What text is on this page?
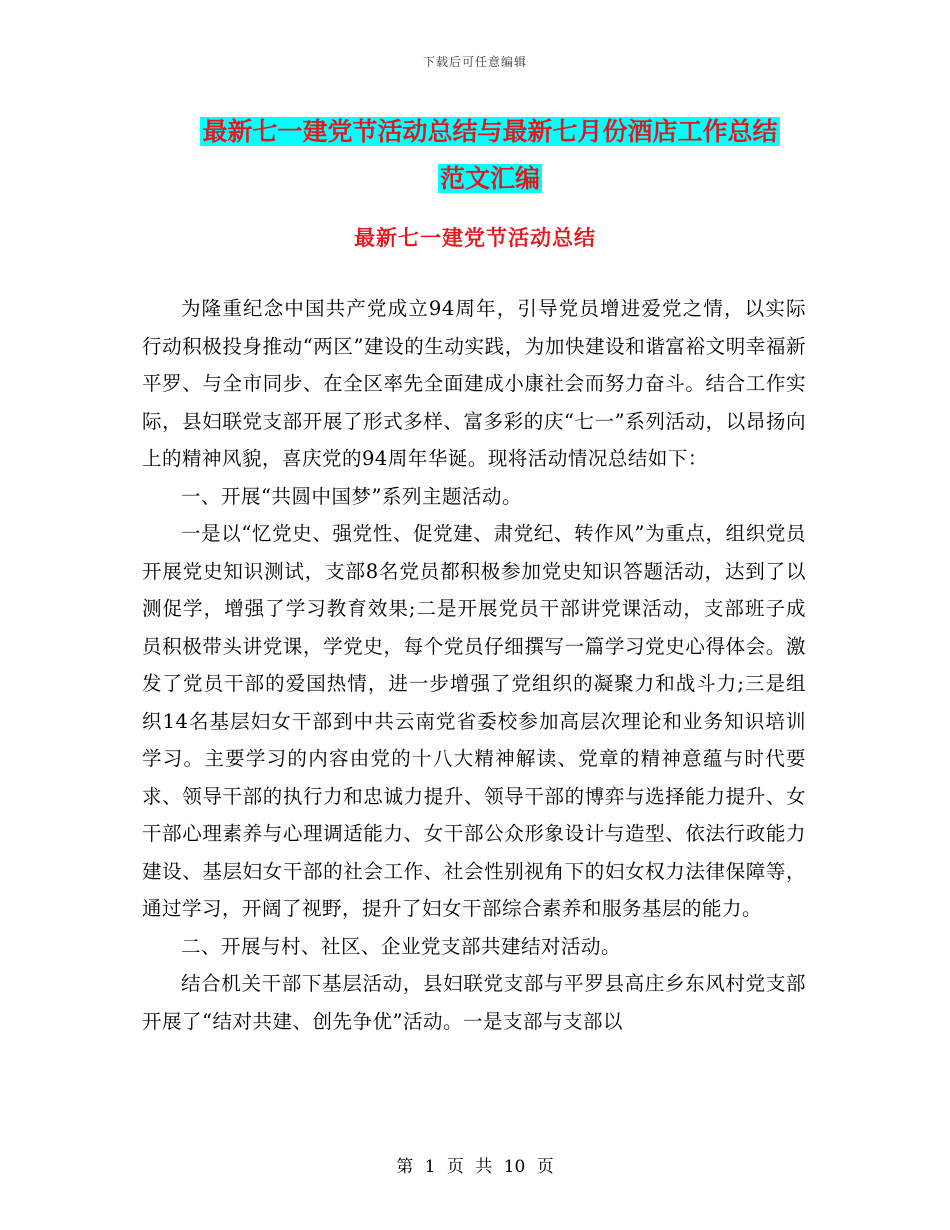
下载后可任意编辑
最新七一建党节活动总结与最新七月份酒店工作总结
范文汇编
最新七一建党节活动总结

为隆重纪念中国共产党成立94周年，引导党员增进爱党之情，以实际行动积极投身推动“两区”建设的生动实践，为加快建设和谐富裕文明幸福新平罗、与全市同步、在全区率先全面建成小康社会而努力奋斗。结合工作实际，县妇联党支部开展了形式多样、富多彩的庆“七一”系列活动，以昂扬向上的精神风貌，喜庆党的94周年华诞。现将活动情况总结如下：

一、开展“共圆中国梦”系列主题活动。

一是以“忆党史、强党性、促党建、肃党纪、转作风”为重点，组织党员开展党史知识测试，支部8名党员都积极参加党史知识答题活动，达到了以测促学，增强了学习教育效果;二是开展党员干部讲党课活动，支部班子成员积极带头讲党课，学党史，每个党员仔细撰写一篇学习党史心得体会。激发了党员干部的爱国热情，进一步增强了党组织的凝聚力和战斗力;三是组织14名基层妇女干部到中共云南党省委校参加高层次理论和业务知识培训学习。主要学习的内容由党的十八大精神解读、党章的精神意蕴与时代要求、领导干部的执行力和忠诚力提升、领导干部的博弈与选择能力提升、女干部心理素养与心理调适能力、女干部公众形象设计与造型、依法行政能力建设、基层妇女干部的社会工作、社会性别视角下的妇女权力法律保障等，通过学习，开阔了视野，提升了妇女干部综合素养和服务基层的能力。

二、开展与村、社区、企业党支部共建结对活动。

结合机关干部下基层活动，县妇联党支部与平罗县高庄乡东风村党支部开展了“结对共建、创先争优”活动。一是支部与支部以

第 1 页 共 10 页
